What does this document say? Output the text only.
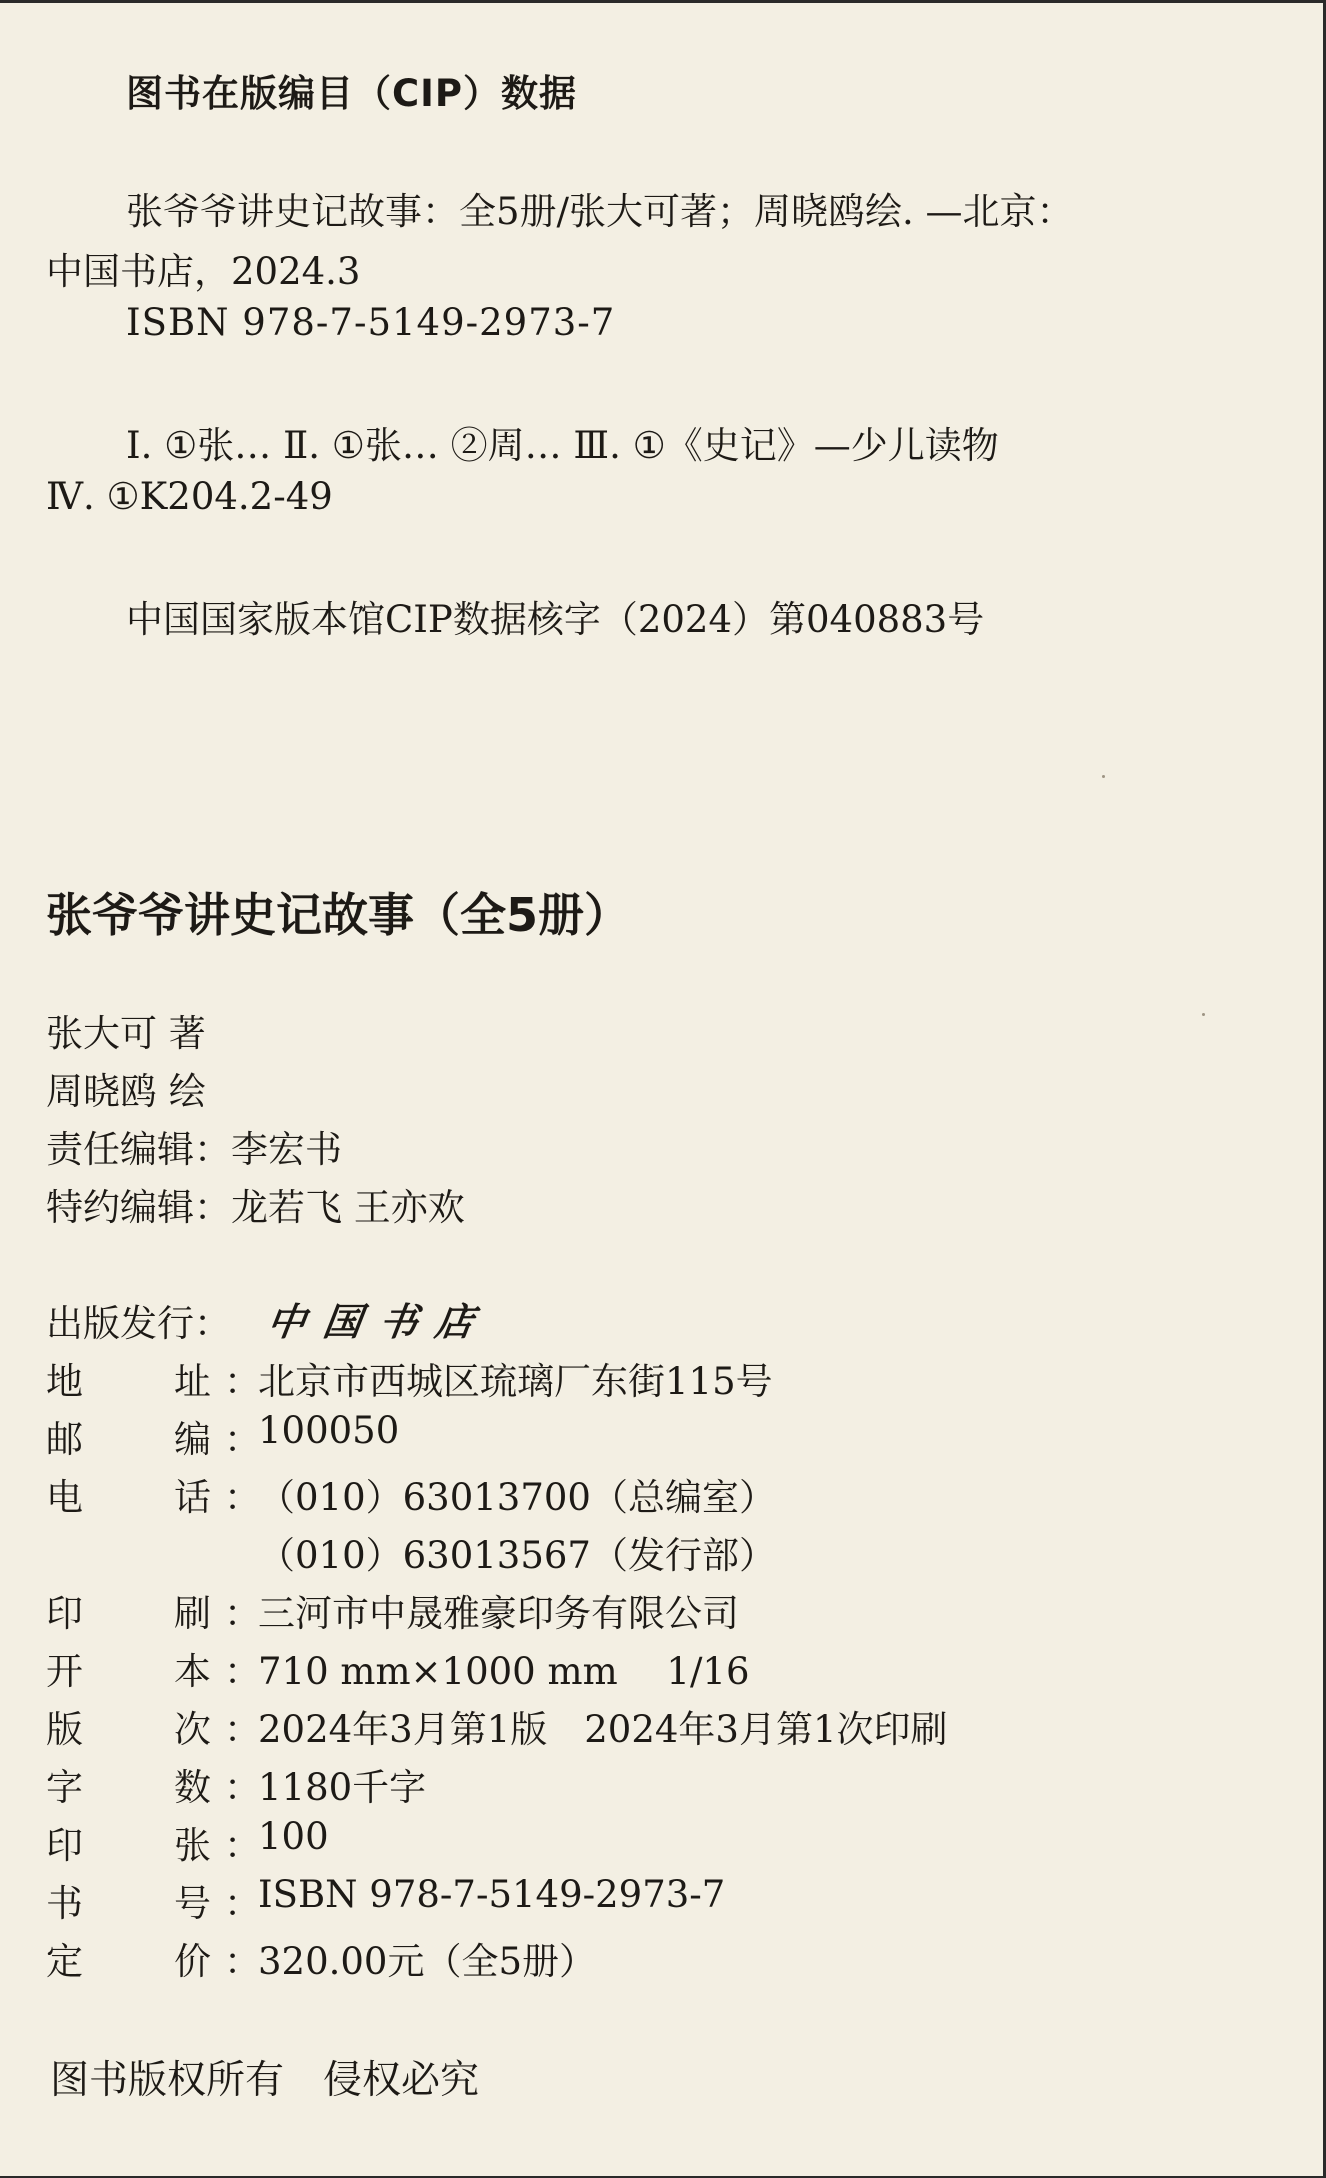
图书在版编目（CIP）数据
张爷爷讲史记故事：全5册/张大可著；周晓鸥绘. —北京：
中国书店，2024.3
ISBN 978-7-5149-2973-7
Ⅰ. ①张… Ⅱ. ①张… ②周… Ⅲ. ①《史记》—少儿读物
Ⅳ. ①K204.2-49
中国国家版本馆CIP数据核字（2024）第040883号
张爷爷讲史记故事（全5册）
张大可 著
周晓鸥 绘
责任编辑：李宏书
特约编辑：龙若飞 王亦欢
出版发行： 中国书店
地 址 ：
北京市西城区琉璃厂东街115号
邮 编 ：
100050
电 话 ：
（010）63013700（总编室）
（010）63013567（发行部）
印 刷 ：
三河市中晟雅豪印务有限公司
开 本 ：
710 mm×1000 mm　 1/16
版 次 ：
2024年3月第1版　2024年3月第1次印刷
字 数 ：
1180千字
印 张 ：
100
书 号 ：
ISBN 978-7-5149-2973-7
定 价 ：
320.00元（全5册）
图书版权所有　侵权必究
